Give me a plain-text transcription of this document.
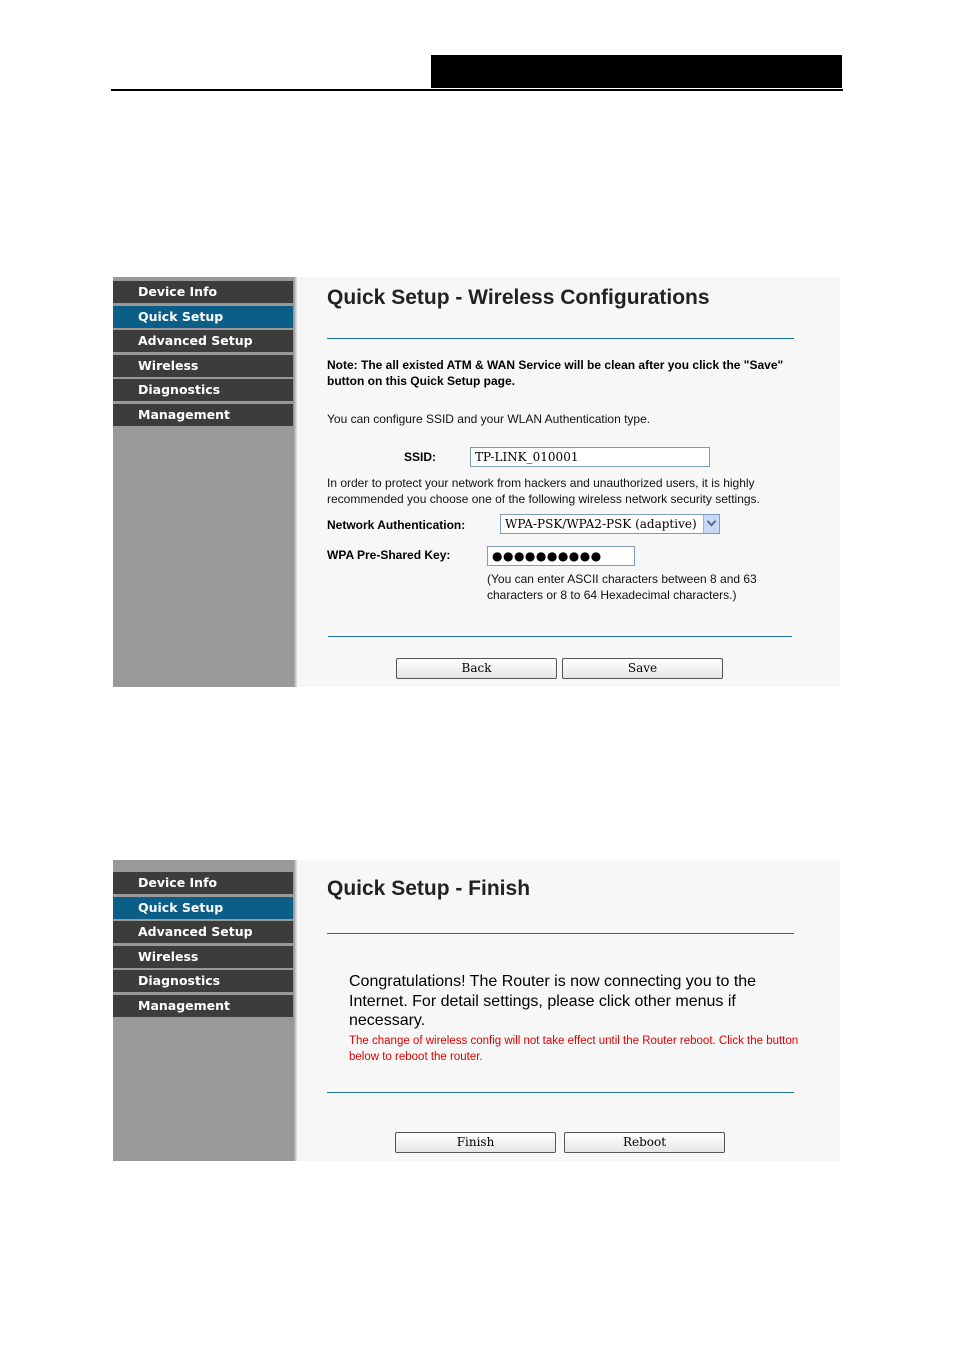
Device Info
Quick Setup
Advanced Setup
Wireless
Diagnostics
Management
Quick Setup - Wireless Configurations

Note: The all existed ATM & WAN Service will be clean after you click the "Save" button on this Quick Setup page.

You can configure SSID and your WLAN Authentication type.

SSID:	TP-LINK_010001

In order to protect your network from hackers and unauthorized users, it is highly recommended you choose one of the following wireless network security settings.

Network Authentication:	WPA-PSK/WPA2-PSK (adaptive)
WPA Pre-Shared Key:	●●●●●●●●●●

(You can enter ASCII characters between 8 and 63 characters or 8 to 64 Hexadecimal characters.)

Back	Save
Device Info
Quick Setup
Advanced Setup
Wireless
Diagnostics
Management
Quick Setup - Finish

Congratulations! The Router is now connecting you to the Internet. For detail settings, please click other menus if necessary.

The change of wireless config will not take effect until the Router reboot. Click the button below to reboot the router.

Finish	Reboot
